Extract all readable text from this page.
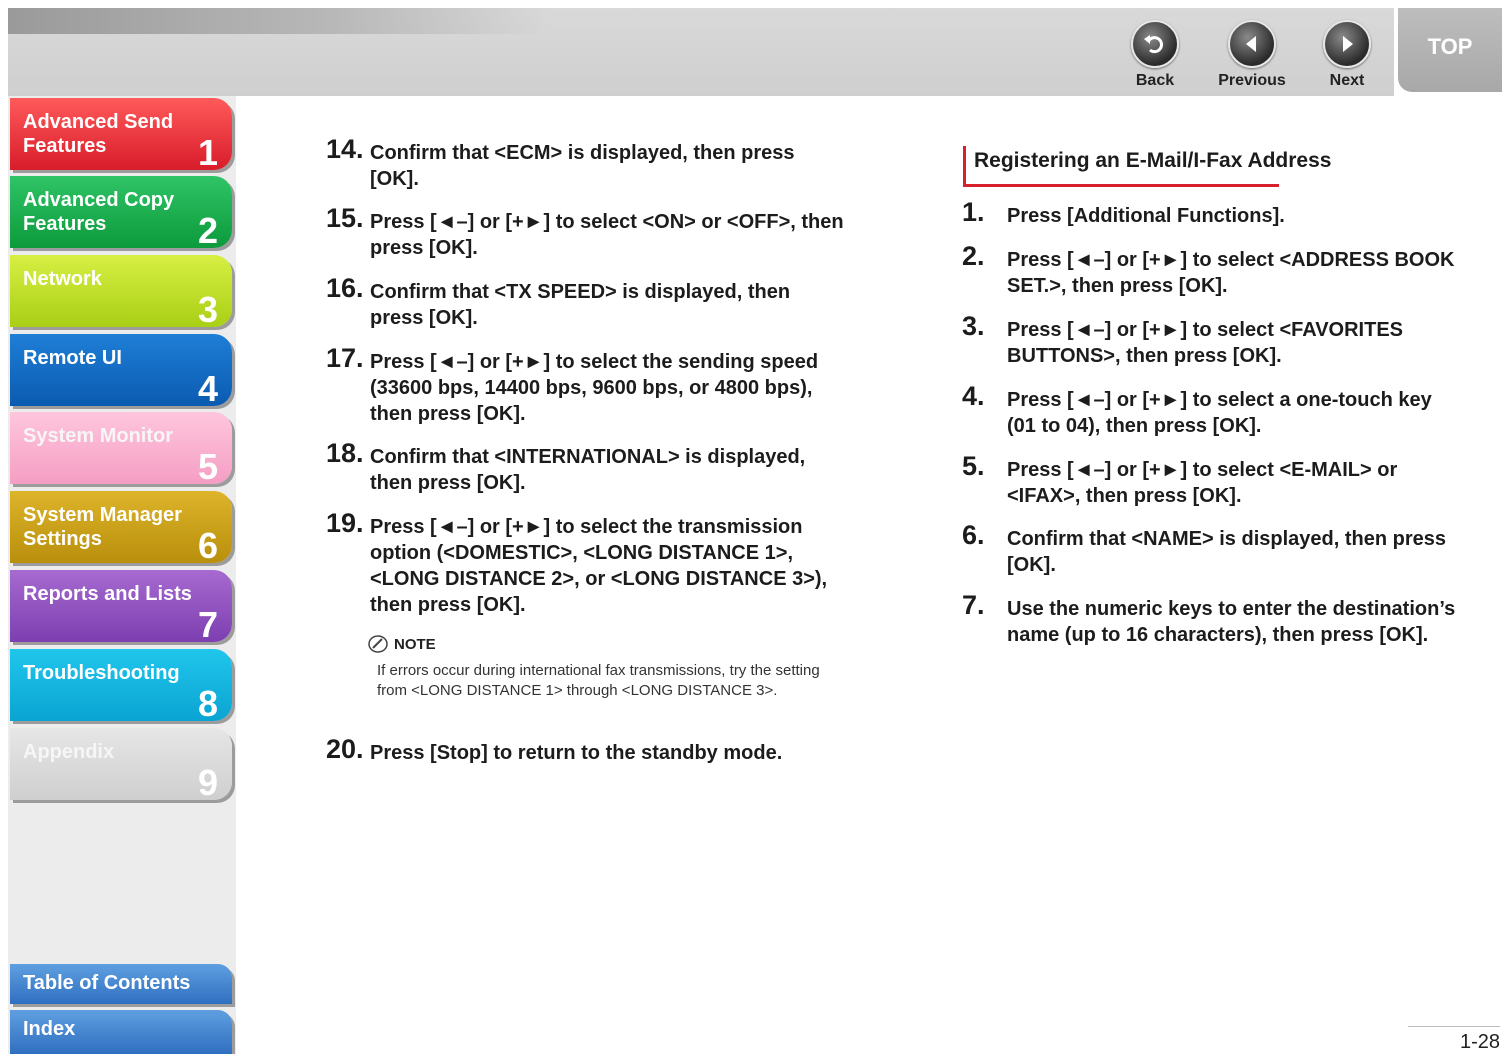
Back	Previous	Next
TOP
Advanced Send Features	1
Advanced Copy Features	2
Network
3
Remote UI
4
System Monitor
5
System Manager Settings	6
Reports and Lists
7
Troubleshooting
8
Appendix
9
Table of Contents
Index
14. Confirm that <ECM> is displayed, then press [OK].
15. Press [◄–] or [+►] to select <ON> or <OFF>, then press [OK].
16. Confirm that <TX SPEED> is displayed, then press [OK].
17. Press [◄–] or [+►] to select the sending speed (33600 bps, 14400 bps, 9600 bps, or 4800 bps), then press [OK].
18. Confirm that <INTERNATIONAL> is displayed, then press [OK].
19. Press [◄–] or [+►] to select the transmission option (<DOMESTIC>, <LONG DISTANCE 1>, <LONG DISTANCE 2>, or <LONG DISTANCE 3>), then press [OK].
NOTE
If errors occur during international fax transmissions, try the setting from <LONG DISTANCE 1> through <LONG DISTANCE 3>.
20. Press [Stop] to return to the standby mode.
Registering an E-Mail/I-Fax Address
1.	Press [Additional Functions].
2.	Press [◄–] or [+►] to select <ADDRESS BOOK SET.>, then press [OK].
3.	Press [◄–] or [+►] to select <FAVORITES BUTTONS>, then press [OK].
4.	Press [◄–] or [+►] to select a one-touch key (01 to 04), then press [OK].
5.	Press [◄–] or [+►] to select <E-MAIL> or <IFAX>, then press [OK].
6.	Confirm that <NAME> is displayed, then press [OK].
7.	Use the numeric keys to enter the destination’s name (up to 16 characters), then press [OK].
1-28
